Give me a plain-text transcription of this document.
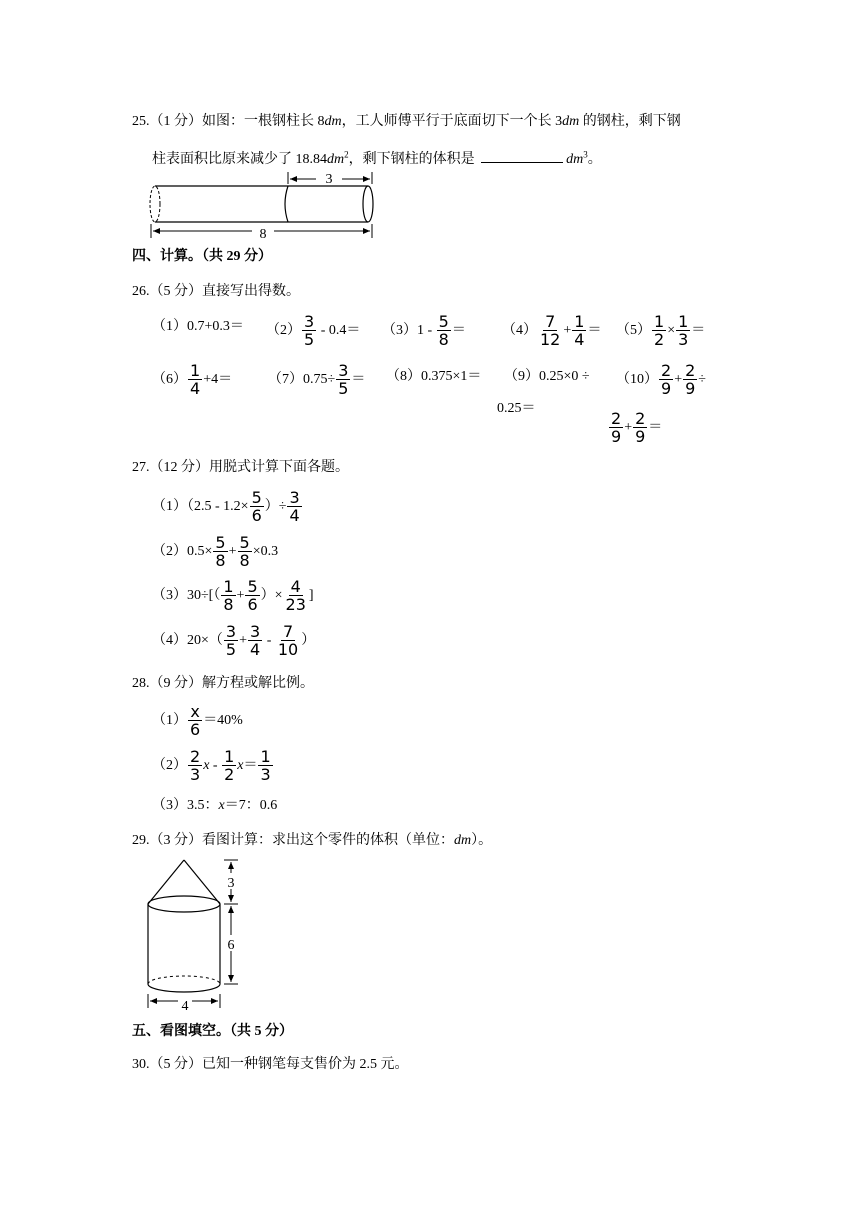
25.（1 分）如图：一根钢柱长 8dm，工人师傅平行于底面切下一个长 3dm 的钢柱，剩下钢
柱表面积比原来减少了 $18.84dm^2$，剩下钢柱的体积是	$dm^3$。
3
8
四、计算。（共 29 分）
26.（5 分）直接写出得数。
$(1)0.7+0.3= (2) \frac{3}{5} - 0.4= (3)1 - \frac{5}{8}$ ＝	$(4) \frac{7}{12} + \frac{1}{4} = (5) \frac{1}{2} \times \frac{1}{3}$ ＝
$(6) \frac{1}{4} +4=$	$(7)0.75\div \frac{3}{5} = (8)0.375\times 1= (9)0.25\times 0$ ÷
0.25＝
$(10) \frac{2}{9} + \frac{2}{9}$ ÷
$\frac{2}{9} + \frac{2}{9}$ ＝
27.（12 分）用脱式计算下面各题。
$(1)(2.5 - 1.2\times \frac{5}{6}$ ）÷ $\frac{3}{4}$
$(2)0.5\times \frac{5}{8} + \frac{5}{8} \times 0.3$
$(3)30\div[( \frac{1}{8} + \frac{5}{6}$ ）× $\frac{4}{23}$ ]
$(4)20\times( \frac{3}{5} + \frac{3}{4} - \frac{7}{10}$ ）
28.（9 分）解方程或解比例。
$(1) \frac{x}{6} =40\%$
$(2) \frac{2}{3}$ $x - \frac{1}{2} x= \frac{1}{3}$
（3）3.5：x＝7：0.6
29.（3 分）看图计算：求出这个零件的体积（单位：dm）。
3
6
4
五、看图填空。（共 5 分）
30.（5 分）已知一种钢笔每支售价为 2.5 元。
